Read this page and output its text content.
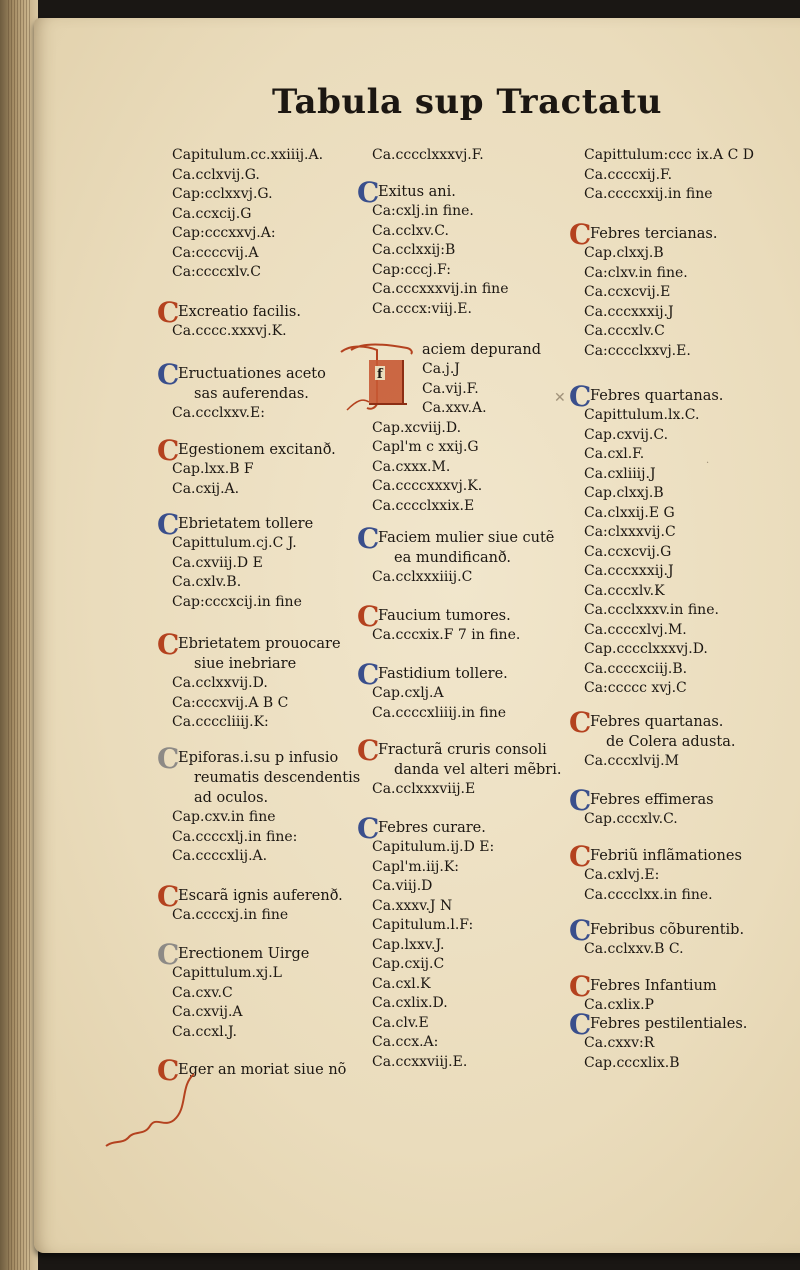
Tabula sup Tractatu
Capitulum.cc.xxiiij.A.
Ca.cclxvij.G.
Cap:cclxxvj.G.
Ca.ccxcij.G
Cap:cccxxvj.A:
Ca:ccccvij.A
Ca:ccccxlv.C
C
Excreatio facilis.
Ca.cccc.xxxvj.K.
C
Eructuationes aceto
sas auferendas.
Ca.ccclxxv.E:
C
Egestionem excitanð.
Cap.lxx.B F
Ca.cxij.A.
C
Ebrietatem tollere
Capittulum.cj.C J.
Ca.cxviij.D E
Ca.cxlv.B.
Cap:cccxcij.in fine
C
Ebrietatem prouocare
siue inebriare
Ca.cclxxvij.D.
Ca:cccxvij.A B C
Ca.ccccliiij.K:
C
Epiforas.i.su p infusio
reumatis descendentis
ad oculos.
Cap.cxv.in fine
Ca.ccccxlj.in fine:
Ca.ccccxlij.A.
C
Escarã ignis auferenð.
Ca.ccccxj.in fine
C
Erectionem Uirge
Capittulum.xj.L
Ca.cxv.C
Ca.cxvij.A
Ca.ccxl.J.
C
Eger an moriat siue nõ
Ca.cccclxxxvj.F.
C
Exitus ani.
Ca:cxlj.in fine.
Ca.cclxv.C.
Ca.cclxxij:B
Cap:cccj.F:
Ca.cccxxxvij.in fine
Ca.cccx:viij.E.
aciem depurand
Ca.j.J
Ca.vij.F.
Ca.xxv.A.
Cap.xcviij.D.
Capl'm c xxij.G
Ca.cxxx.M.
Ca.ccccxxxvj.K.
Ca.cccclxxix.E
C
Faciem mulier siue cutẽ
ea mundificanð.
Ca.cclxxxiiij.C
C
Faucium tumores.
Ca.cccxix.F 7 in fine.
C
Fastidium tollere.
Cap.cxlj.A
Ca.ccccxliiij.in fine
C
Fracturã cruris consoli
danda vel alteri mẽbri.
Ca.cclxxxviij.E
C
Febres curare.
Capitulum.ij.D E:
Capl'm.iij.K:
Ca.viij.D
Ca.xxxv.J N
Capitulum.l.F:
Cap.lxxv.J.
Cap.cxij.C
Ca.cxl.K
Ca.cxlix.D.
Ca.clv.E
Ca.ccx.A:
Ca.ccxxviij.E.
Capittulum:ccc ix.A C D
Ca.ccccxij.F.
Ca.ccccxxij.in fine
C
Febres tercianas.
Cap.clxxj.B
Ca:clxv.in fine.
Ca.ccxcvij.E
Ca.cccxxxij.J
Ca.cccxlv.C
Ca:cccclxxvj.E.
C
Febres quartanas.
Capittulum.lx.C.
Cap.cxvij.C.
Ca.cxl.F.
Ca.cxliiij.J
Cap.clxxj.B
Ca.clxxij.E G
Ca:clxxxvij.C
Ca.ccxcvij.G
Ca.cccxxxij.J
Ca.cccxlv.K
Ca.ccclxxxv.in fine.
Ca.ccccxlvj.M.
Cap.cccclxxxvj.D.
Ca.ccccxciij.B.
Ca:ccccc xvj.C
C
Febres quartanas.
de Colera adusta.
Ca.cccxlvij.M
C
Febres effimeras
Cap.cccxlv.C.
C
Febriũ inflãmationes
Ca.cxlvj.E:
Ca.cccclxx.in fine.
C
Febribus cõburentib.
Ca.cclxxv.B C.
C
Febres Infantium
Ca.cxlix.P
C
Febres pestilentiales.
Ca.cxxv:R
Cap.cccxlix.B
f
✕
·
